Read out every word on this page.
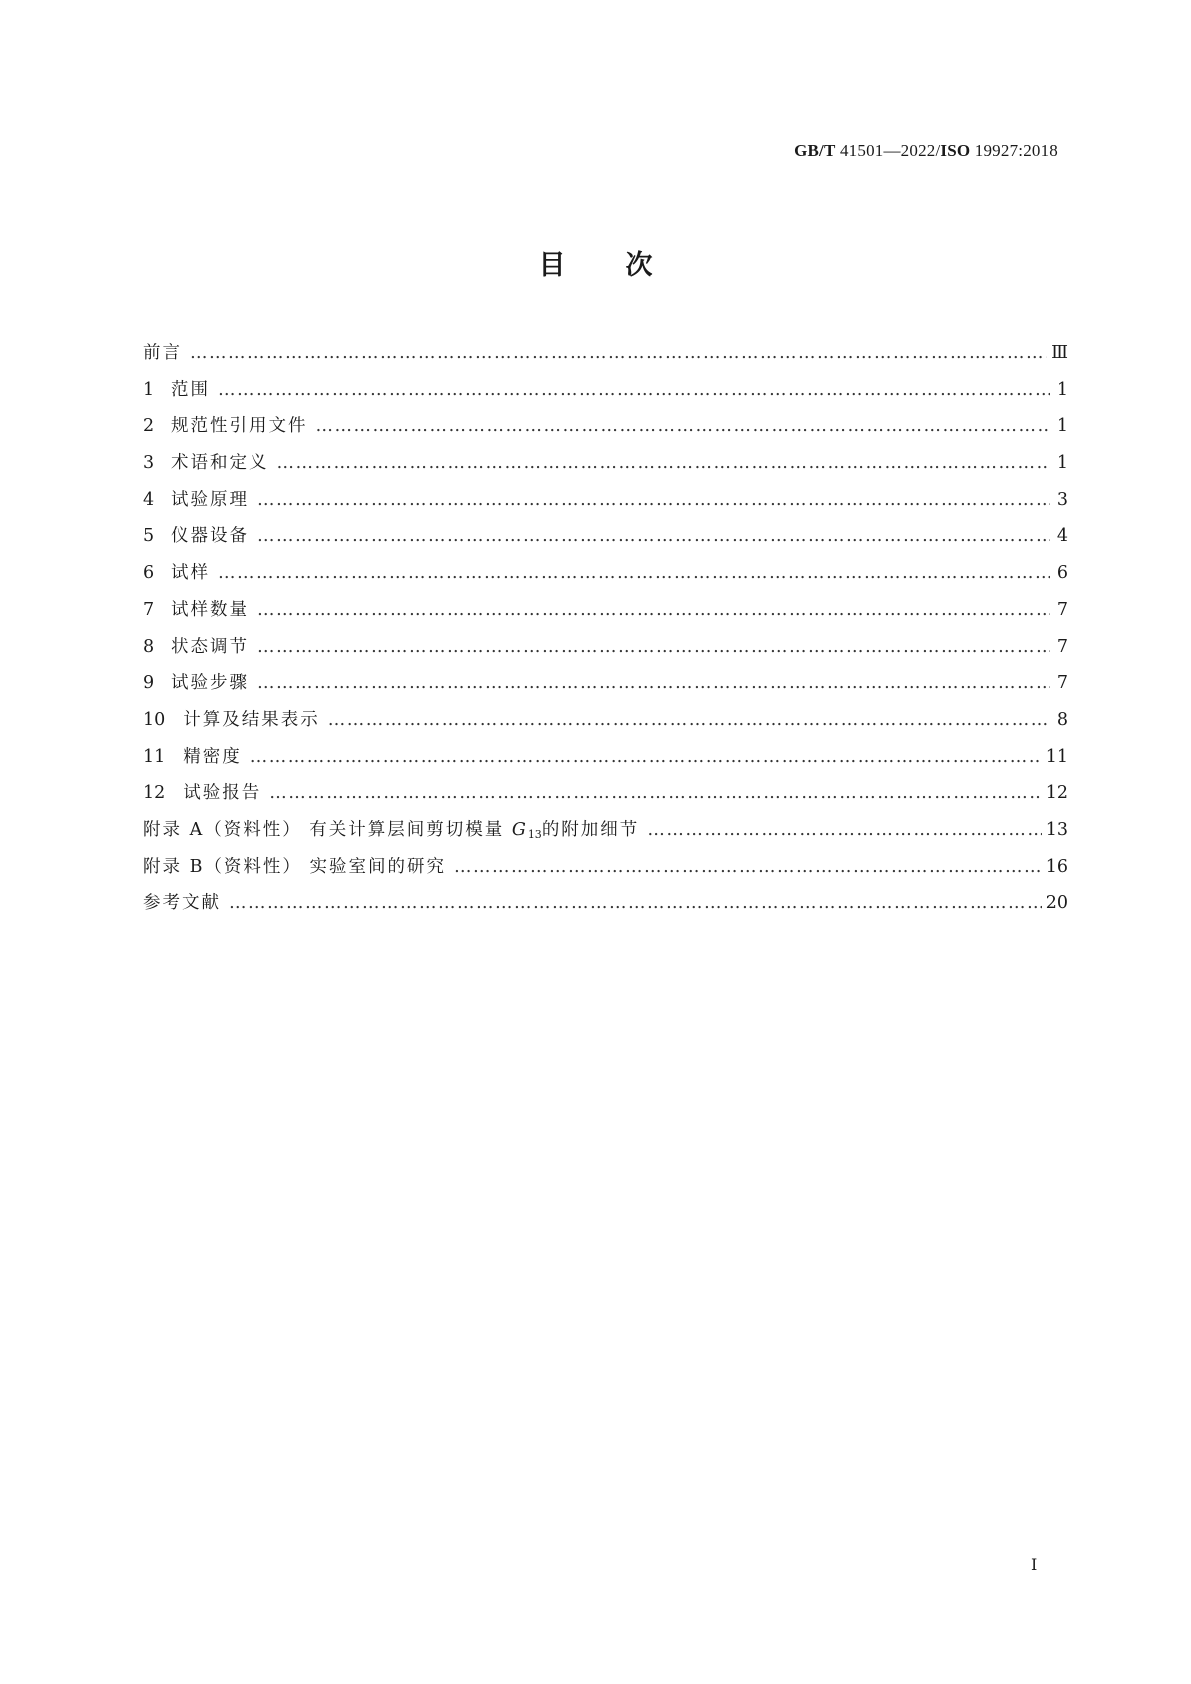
GB/T 41501—2022/ISO 19927:2018
目次
前言 ………………………………………………………………………………………………………………………………………………………………………………………………………………	Ⅲ
1 范围 ………………………………………………………………………………………………………………………………………………………………………………………………………………	1
2 规范性引用文件 ………………………………………………………………………………………………………………………………………………………………………………………………………………	1
3 术语和定义 ………………………………………………………………………………………………………………………………………………………………………………………………………………	1
4 试验原理 ………………………………………………………………………………………………………………………………………………………………………………………………………………	3
5 仪器设备 ………………………………………………………………………………………………………………………………………………………………………………………………………………	4
6 试样 ………………………………………………………………………………………………………………………………………………………………………………………………………………	6
7 试样数量 ………………………………………………………………………………………………………………………………………………………………………………………………………………	7
8 状态调节 ………………………………………………………………………………………………………………………………………………………………………………………………………………	7
9 试验步骤 ………………………………………………………………………………………………………………………………………………………………………………………………………………	7
10 计算及结果表示 ………………………………………………………………………………………………………………………………………………………………………………………………………………	8
11 精密度 ………………………………………………………………………………………………………………………………………………………………………………………………………………	11
12 试验报告 ………………………………………………………………………………………………………………………………………………………………………………………………………………	12
附录 A（资料性） 有关计算层间剪切模量 $G_{13}$的附加细节 ………………………………………………………………………………………………………………………………………………………………………………………………………………	13
附录 B（资料性） 实验室间的研究 ………………………………………………………………………………………………………………………………………………………………………………………………………………	16
参考文献 ………………………………………………………………………………………………………………………………………………………………………………………………………………	20
I
